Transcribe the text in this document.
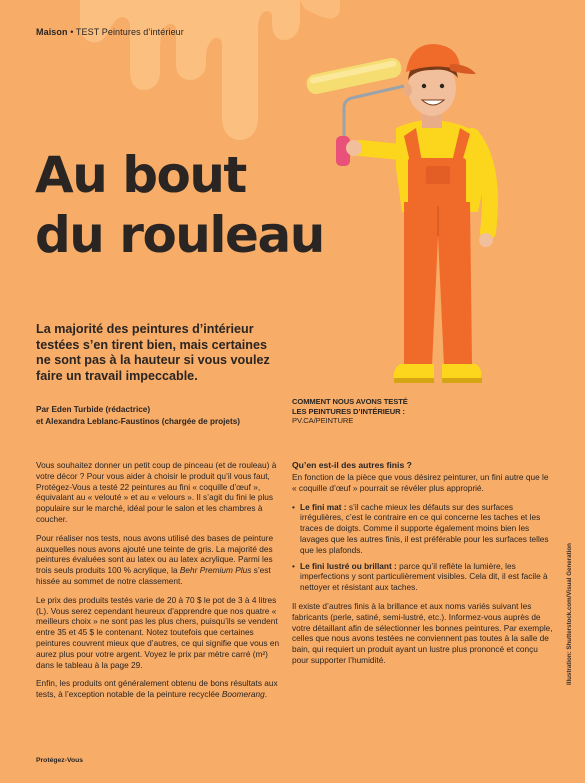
Maison • TEST Peintures d’intérieur
Au bout
du rouleau

La majorité des peintures d’intérieur testées s’en tirent bien, mais certaines ne sont pas à la hauteur si vous voulez faire un travail impeccable.

Par Eden Turbide (rédactrice)
et Alexandra Leblanc-Faustinos (chargée de projets)
COMMENT NOUS AVONS TESTÉ
LES PEINTURES D’INTÉRIEUR :
PV.CA/PEINTURE

Vous souhaitez donner un petit coup de pinceau (et de rouleau) à votre décor ? Pour vous aider à choisir le produit qu’il vous faut, Protégez-Vous a testé 22 peintures au fini « coquille d’œuf », équivalant au « velouté » et au « velours ». Il s’agit du fini le plus populaire sur le marché, idéal pour le salon et les chambres à coucher.

Pour réaliser nos tests, nous avons utilisé des bases de peinture auxquelles nous avons ajouté une teinte de gris. La majorité des peintures évaluées sont au latex ou au latex acrylique. Parmi les trois seuls produits 100 % acrylique, la Behr Premium Plus s’est hissée au sommet de notre classement.

Le prix des produits testés varie de 20 à 70 $ le pot de 3 à 4 litres (L). Vous serez cependant heureux d’apprendre que nos quatre « meilleurs choix » ne sont pas les plus chers, puisqu’ils se vendent entre 35 et 45 $ le contenant. Notez toutefois que certaines peintures couvrent mieux que d’autres, ce qui signifie que vous en aurez plus pour votre argent. Voyez le prix par mètre carré (m²) dans le tableau à la page 29.

Enfin, les produits ont généralement obtenu de bons résultats aux tests, à l’exception notable de la peinture recyclée Boomerang.

Qu’en est-il des autres finis ?

En fonction de la pièce que vous désirez peinturer, un fini autre que le « coquille d’œuf » pourrait se révéler plus approprié.

• Le fini mat : s’il cache mieux les défauts sur des surfaces irrégulières, c’est le contraire en ce qui concerne les taches et les traces de doigts. Comme il supporte également moins bien les lavages que les autres finis, il est préférable pour les surfaces telles que les plafonds.
• Le fini lustré ou brillant : parce qu’il reflète la lumière, les imperfections y sont particulièrement visibles. Cela dit, il est facile à nettoyer et résistant aux taches.

Il existe d’autres finis à la brillance et aux noms variés suivant les fabricants (perle, satiné, semi-lustré, etc.). Informez-vous auprès de votre détaillant afin de sélectionner les bonnes peintures. Par exemple, celles que nous avons testées ne conviennent pas toutes à la salle de bain, qui requiert un produit ayant un lustre plus prononcé et conçu pour supporter l’humidité.	Illustration: Shutterstock.com/Visual Generation
Protégez-Vous
